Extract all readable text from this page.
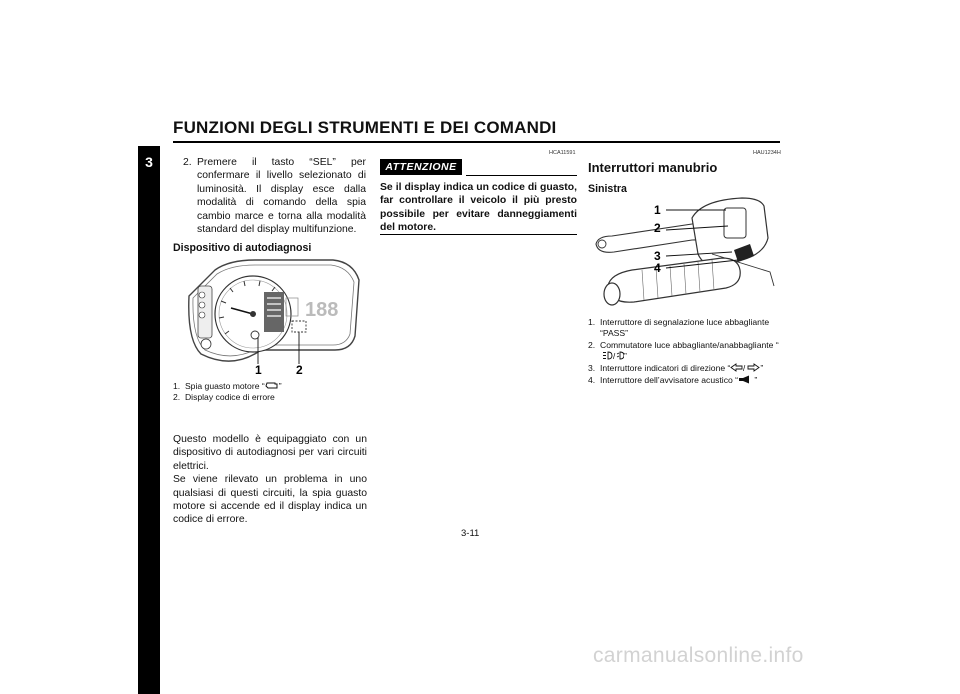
FUNZIONI DEGLI STRUMENTI E DEI COMANDI
3	2. Premere il tasto “SEL” per confermare il livello selezionato di luminosità. Il display esce dalla modalità di comando della spia cambio marce e torna alla modalità standard del display multifunzione.
Dispositivo di autodiagnosi
188
1	2
1. Spia guasto motore “ ”
2. Display codice di errore
Questo modello è equipaggiato con un dispositivo di autodiagnosi per vari circuiti elettrici.
Se viene rilevato un problema in uno qualsiasi di questi circuiti, la spia guasto motore si accende ed il display indica un codice di errore.
HCA11591
ATTENZIONE
Se il display indica un codice di guasto, far controllare il veicolo il più presto possibile per evitare danneggiamenti del motore.
HAU1234H
Interruttori manubrio
Sinistra
1
2
3
4
1. Interruttore di segnalazione luce abbagliante “PASS”
2. Commutatore luce abbagliante/anabbagliante “
/ ”
3. Interruttore indicatori di direzione “ / ”
4. Interruttore dell’avvisatore acustico “ ”
3-11
carmanualsonline.info
